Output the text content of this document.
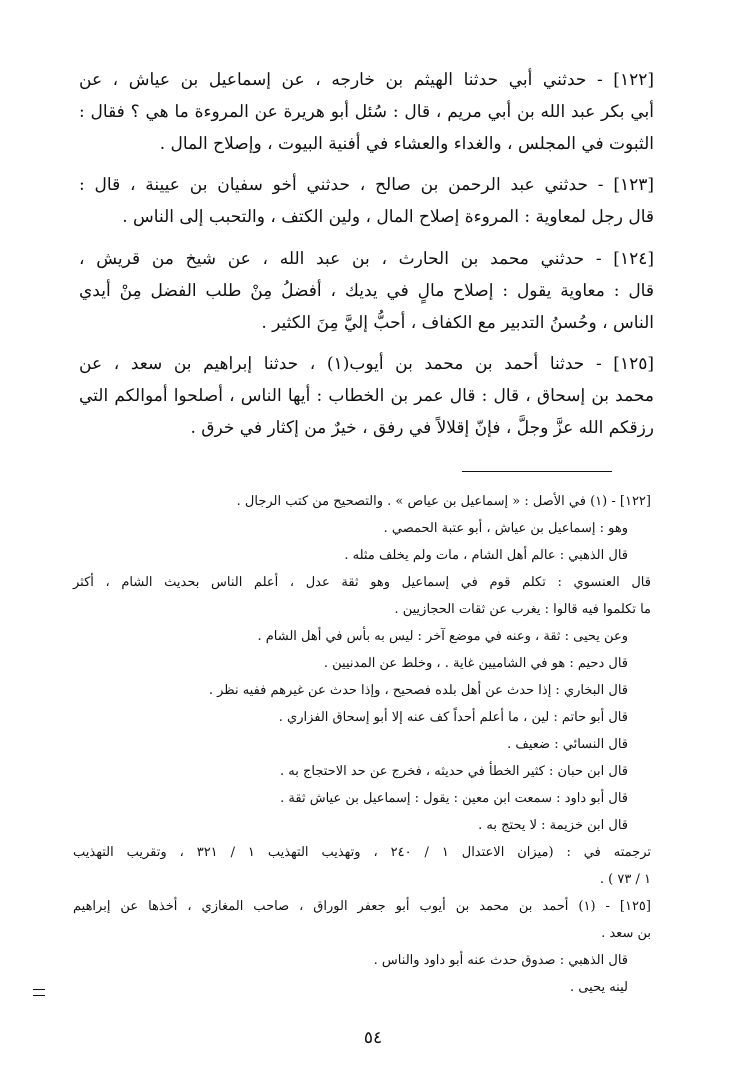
[١٢٢] - حدثني أبي حدثنا الهيثم بن خارجه ، عن إسماعيل بن عياش ، عن
أبي بكر عبد الله بن أبي مريم ، قال : سُئل أبو هريرة عن المروءة ما هي ؟ فقال :
الثبوت في المجلس ، والغداء والعشاء في أفنية البيوت ، وإصلاح المال .
[١٢٣] - حدثني عبد الرحمن بن صالح ، حدثني أخو سفيان بن عيينة ، قال :
قال رجل لمعاوية : المروءة إصلاح المال ، ولين الكتف ، والتحبب إلى الناس .
[١٢٤] - حدثني محمد بن الحارث ، بن عبد الله ، عن شيخ من قريش ،
قال : معاوية يقول : إصلاح مالٍ في يديك ، أفضلُ مِنْ طلب الفضل مِنْ أيدي
الناس ، وحُسنُ التدبير مع الكفاف ، أحبُّ إليَّ مِنَ الكثير .
[١٢٥] - حدثنا أحمد بن محمد بن أيوب(١) ، حدثنا إبراهيم بن سعد ، عن
محمد بن إسحاق ، قال : قال عمر بن الخطاب : أيها الناس ، أصلحوا أموالكم التي
رزقكم الله عزَّ وجلَّ ، فإنّ إقلالاً في رفق ، خيرٌ من إكثار في خرق .
[١٢٢] - (١) في الأصل : « إسماعيل بن عياص » . والتصحيح من كتب الرجال .
وهو : إسماعيل بن عياش ، أبو عتبة الحمصي .
قال الذهبي : عالم أهل الشام ، مات ولم يخلف مثله .
قال العنسوي : تكلم قوم في إسماعيل وهو ثقة عدل ، أعلم الناس بحديث الشام ، أكثر
ما تكلموا فيه قالوا : يغرب عن ثقات الحجازيين .
وعن يحيى : ثقة ، وعنه في موضع آخر : ليس به بأس في أهل الشام .
قال دحيم : هو في الشاميين غاية . ، وخلط عن المدنيين .
قال البخاري : إذا حدث عن أهل بلده فصحيح ، وإذا حدث عن غيرهم ففيه نظر .
قال أبو حاتم : لين ، ما أعلم أحداً كف عنه إلا أبو إسحاق الفزاري .
قال النسائي : ضعيف .
قال ابن حبان : كثير الخطأ في حديثه ، فخرج عن حد الاحتجاج به .
قال أبو داود : سمعت ابن معين : يقول : إسماعيل بن عياش ثقة .
قال ابن خزيمة : لا يحتج به .
ترجمته في : (ميزان الاعتدال ١ / ٢٤٠ ، وتهذيب التهذيب ١ / ٣٢١ ، وتقريب التهذيب
١ / ٧٣ ) .
[١٢٥] - (١) أحمد بن محمد بن أيوب أبو جعفر الوراق ، صاحب المغازي ، أخذها عن إبراهيم
بن سعد .
قال الذهبي : صدوق حدث عنه أبو داود والناس .
لينه يحيى .
٥٤
